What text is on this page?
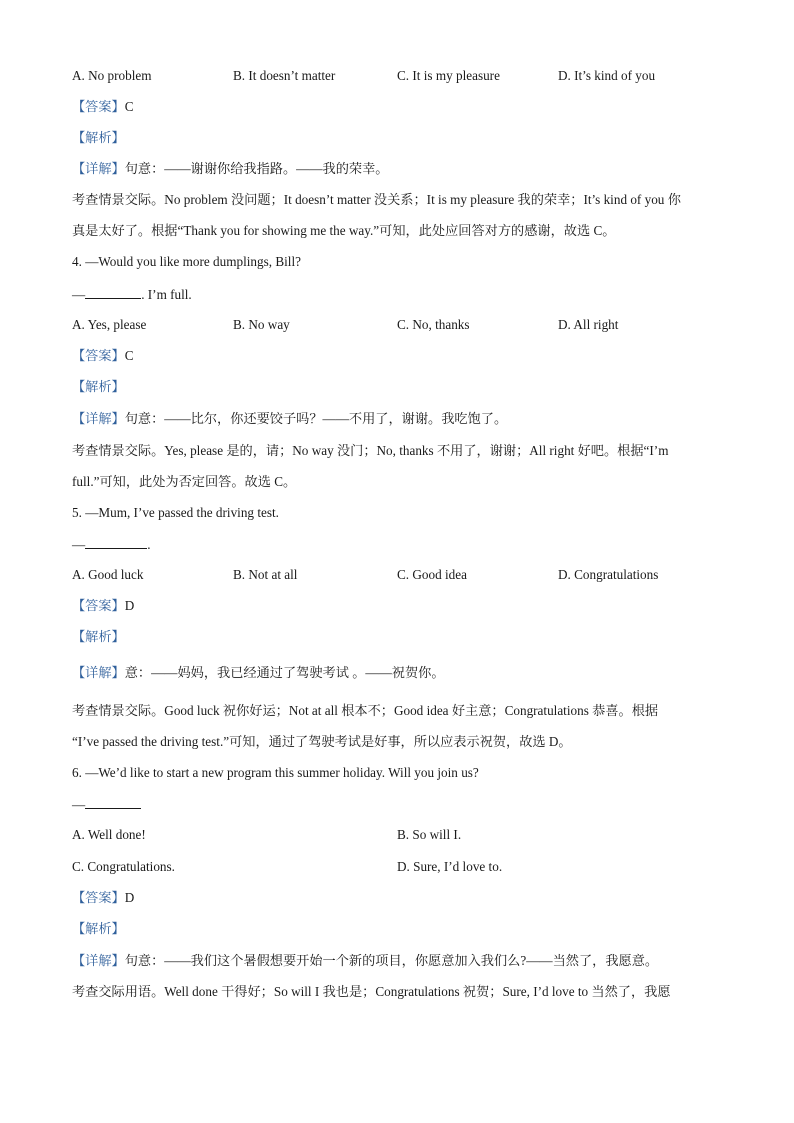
A. No problem	B. It doesn’t matter	C. It is my pleasure	D. It’s kind of you
【答案】C
【解析】
【详解】句意：——谢谢你给我指路。——我的荣幸。
考查情景交际。No problem 没问题；It doesn’t matter 没关系；It is my pleasure 我的荣幸；It’s kind of you 你
真是太好了。根据“Thank you for showing me the way.”可知，此处应回答对方的感谢，故选 C。
4. —Would you like more dumplings, Bill?
—	. I’m full.
A. Yes, please	B. No way	C. No, thanks	D. All right
【答案】C
【解析】
【详解】句意：——比尔，你还要饺子吗？——不用了，谢谢。我吃饱了。
考查情景交际。Yes, please 是的，请；No way 没门；No, thanks 不用了，谢谢；All right 好吧。根据“I’m
full.”可知，此处为否定回答。故选 C。
5. —Mum, I’ve passed the driving test.
—	.
A. Good luck	B. Not at all	C. Good idea	D. Congratulations
【答案】D
【解析】
【详解】意：——妈妈，我已经通过了驾驶考试 。——祝贺你。
考查情景交际。Good luck 祝你好运；Not at all 根本不；Good idea 好主意；Congratulations 恭喜。根据
“I’ve passed the driving test.”可知，通过了驾驶考试是好事，所以应表示祝贺，故选 D。
6. —We’d like to start a new program this summer holiday. Will you join us?
—
A. Well done!	B. So will I.
C. Congratulations.	D. Sure, I’d love to.
【答案】D
【解析】
【详解】句意：——我们这个暑假想要开始一个新的项目，你愿意加入我们么?——当然了，我愿意。
考查交际用语。Well done 干得好；So will I 我也是；Congratulations 祝贺；Sure, I’d love to 当然了，我愿
